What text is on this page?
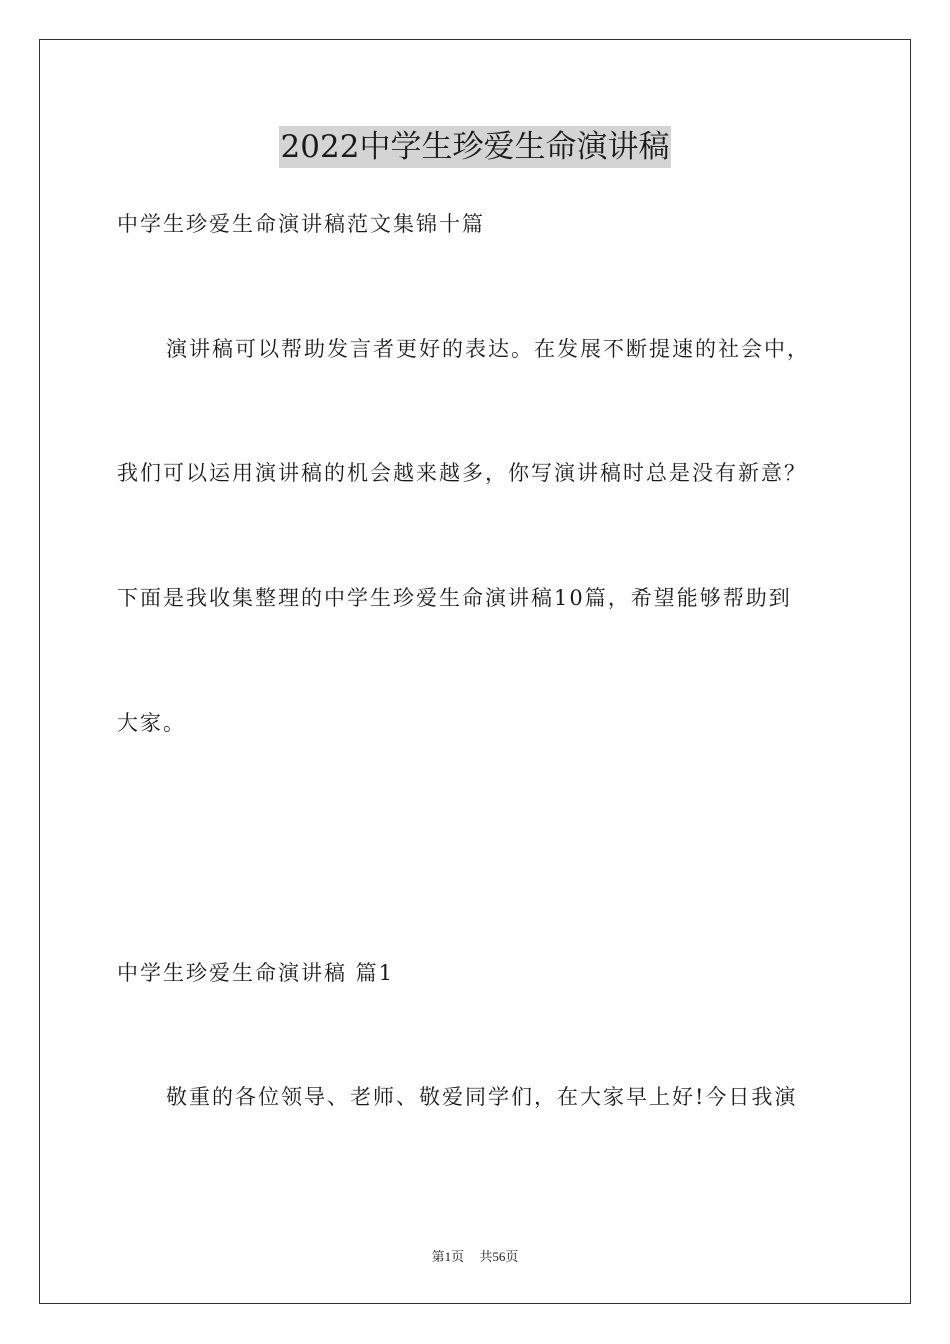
2022中学生珍爱生命演讲稿
中学生珍爱生命演讲稿范文集锦十篇
演讲稿可以帮助发言者更好的表达。在发展不断提速的社会中，
我们可以运用演讲稿的机会越来越多，你写演讲稿时总是没有新意？
下面是我收集整理的中学生珍爱生命演讲稿10篇，希望能够帮助到
大家。
中学生珍爱生命演讲稿 篇1
敬重的各位领导、老师、敬爱同学们，在大家早上好!今日我演
第1页 共56页
